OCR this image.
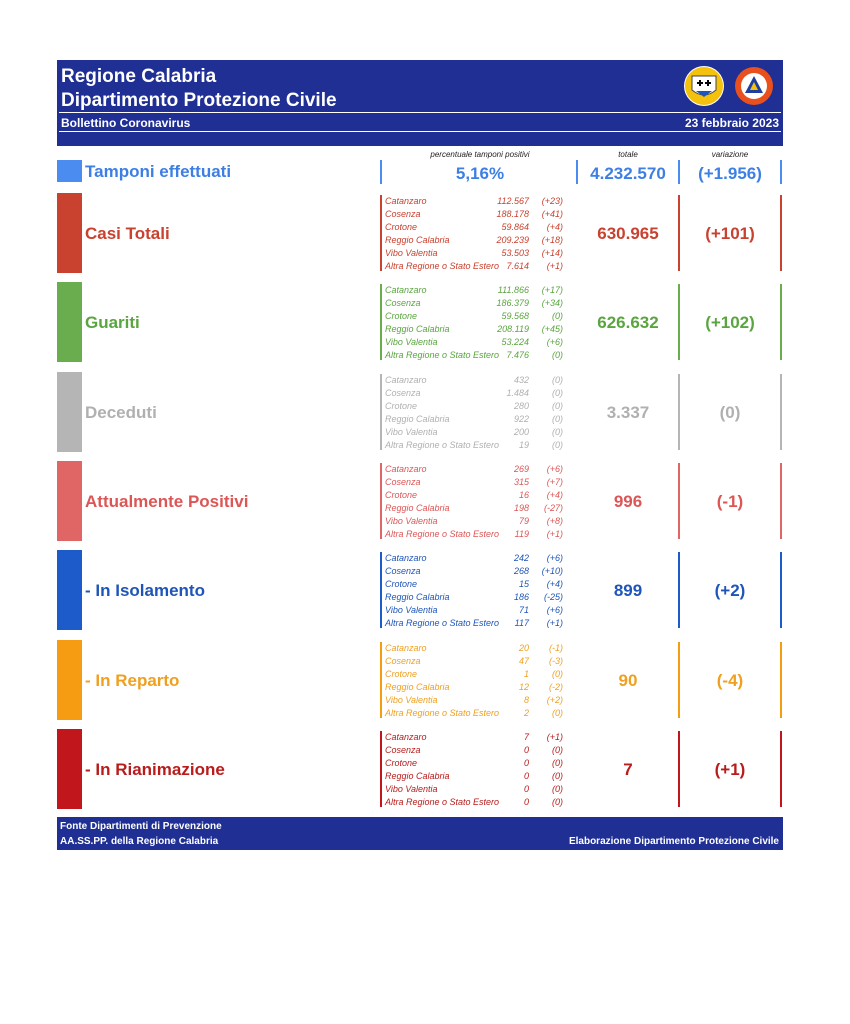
Regione Calabria
Dipartimento Protezione Civile
Bollettino Coronavirus	23 febbraio 2023
Tamponi effettuati
percentuale tamponi positivi
5,16%
totale
4.232.570
variazione
(+1.956)
Casi Totali
Catanzaro	112.567 (+23)
Cosenza	188.178 (+41)
Crotone	59.864 (+4)
Reggio Calabria	209.239 (+18)
Vibo Valentia	53.503 (+14)
Altra Regione o Stato Estero 7.614 (+1)
630.965	(+101)
Guariti
Catanzaro	111.866 (+17)
Cosenza	186.379 (+34)
Crotone	59.568	(0)
Reggio Calabria	208.119 (+45)
Vibo Valentia	53.224 (+6)
Altra Regione o Stato Estero 7.476	(0)
626.632	(+102)
Deceduti
Catanzaro	432	(0)
Cosenza	1.484	(0)
Crotone	280	(0)
Reggio Calabria	922	(0)
Vibo Valentia	200	(0)
Altra Regione o Stato Estero 19	(0)
3.337	(0)
Attualmente Positivi
Catanzaro	269 (+6)
Cosenza	315 (+7)
Crotone	16 (+4)
Reggio Calabria	198 (-27)
Vibo Valentia	79 (+8)
Altra Regione o Stato Estero 119 (+1)
996	(-1)
- In Isolamento
Catanzaro	242 (+6)
Cosenza	268 (+10)
Crotone	15 (+4)
Reggio Calabria	186 (-25)
Vibo Valentia	71 (+6)
Altra Regione o Stato Estero 117 (+1)
899	(+2)
- In Reparto
Catanzaro	20 (-1)
Cosenza	47 (-3)
Crotone	1	(0)
Reggio Calabria	12 (-2)
Vibo Valentia	8 (+2)
Altra Regione o Stato Estero	2	(0)
90	(-4)
- In Rianimazione
Catanzaro	7 (+1)
Cosenza	0	(0)
Crotone	0	(0)
Reggio Calabria	0	(0)
Vibo Valentia	0	(0)
Altra Regione o Stato Estero	0	(0)
7	(+1)
Fonte Dipartimenti di Prevenzione
AA.SS.PP. della Regione Calabria	Elaborazione Dipartimento Protezione Civile
